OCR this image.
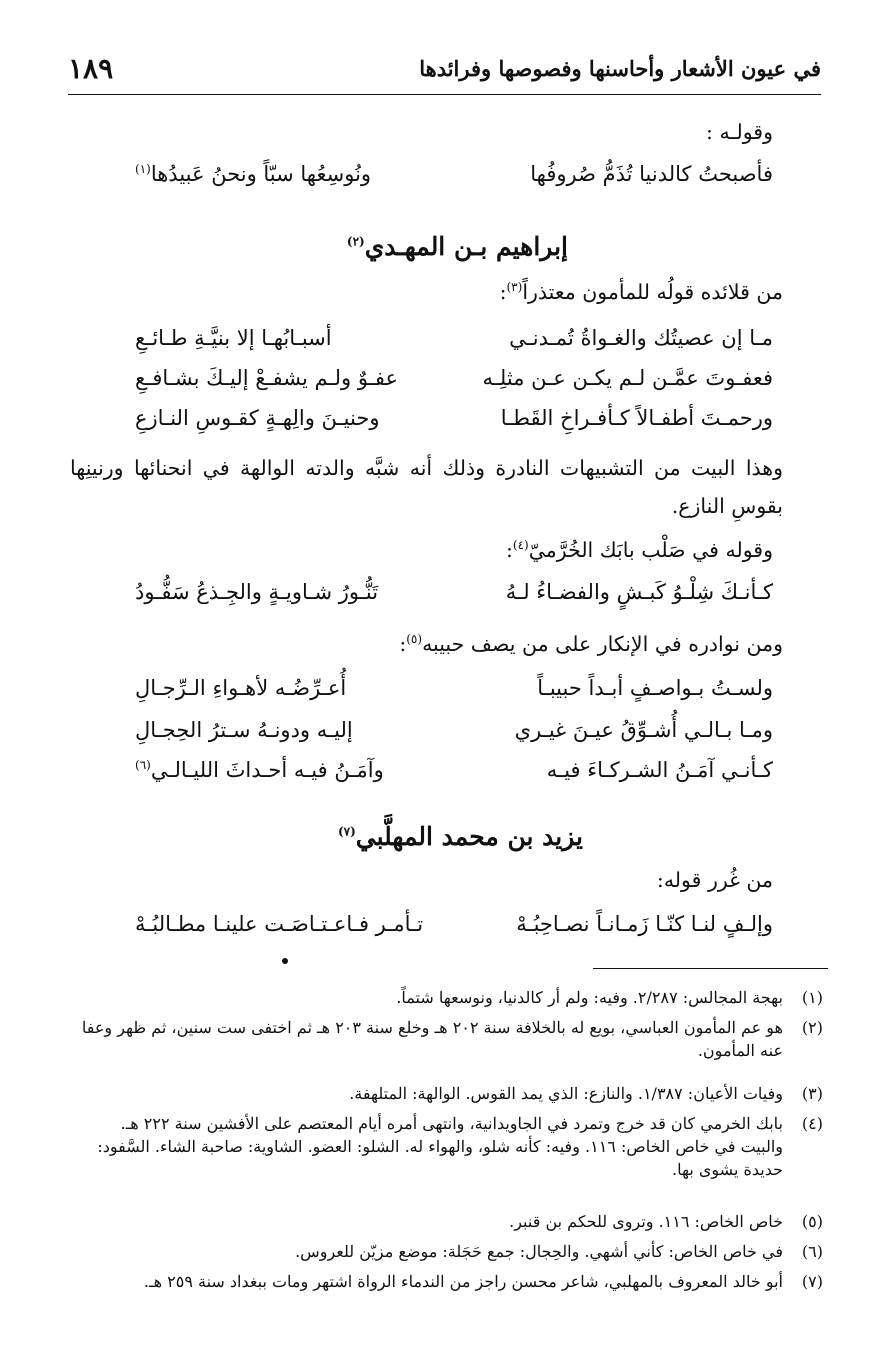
في عيون الأشعار وأحاسنها وفصوصها وفرائدها
١٨٩
وقولـه :
فأصبحتُ كالدنيا تُذَمُّ صُروفُها
ونُوسِعُها سبّاً ونحنُ عَبيدُها$^{(١)}$
إبراهيم بـن المهـدي$^{(٢)}$
من قلائده قولُه للمأمون معتذراً$^{(٣)}$:
مـا إن عصيتُك والغـواةُ تُمـدنـي
أسبـابُهـا إلا بنيَّـةِ طـائـعِ
فعفـوتَ عمَّـن لـم يكـن عـن مثلِـه
عفـوٌ ولـم يشفـعْ إليـكَ بشـافـعِ
ورحمـتَ أطفـالاً كـأفـراخِ القَطـا
وحنيـنَ والِهـةٍ كقـوسِ النـازعِ
وهذا البيت من التشبيهات النادرة وذلك أنه شبَّه والدته الوالهة في انحنائها ورنينِها
بقوسِ النازع.
وقوله في صَلْب بابَك الخُرَّميّ$^{(٤)}$:
كـأنـكَ شِلْـوُ كَبـشٍ والفضـاءُ لـهُ
تَنُّـورُ شـاويـةٍ والجِـذعُ سَفُّـودُ
ومن نوادره في الإنكار على من يصف حبيبه$^{(٥)}$:
ولسـتُ بـواصـفٍ أبـداً حبيبـاً
أُعـرِّضُـه لأهـواءِ الـرِّجـالِ
ومـا بـالـي أُشـوِّقُ عيـنَ غيـري
إليـه ودونـهُ سـترُ الحِجـالِ
كـأنـي آمَـنُ الشـركـاءَ فيـه
وآمَـنُ فيـه أحـداثَ الليـالـي$^{(٦)}$
يزيد بن محمد المهلَّبي$^{(٧)}$
من غُرر قوله:
وإلـفٍ لنـا كنّـا زَمـانـاً نصـاحِبُـهْ
تـأمـر فـاعـتـاصَـت علينـا مطـالبُـهْ
(١)
بهجة المجالس: ٢/٢٨٧. وفيه: ولم أر كالدنيا، ونوسعها شتماً.
(٢)
هو عم المأمون العباسي، بويع له بالخلافة سنة ٢٠٢ هـ وخلع سنة ٢٠٣ هـ ثم اختفى ست سنين، ثم ظهر وعفا عنه المأمون.
(٣)
وفيات الأعيان: ١/٣٨٧. والنازع: الذي يمد القوس. الوالهة: المتلهفة.
(٤)
بابك الخرمي كان قد خرج وتمرد في الجاويدانية، وانتهى أمره أيام المعتصم على الأفشين سنة ٢٢٢ هـ. والبيت في خاص الخاص: ١١٦. وفيه: كأنه شلو، والهواء له. الشلو: العضو. الشاوية: صاحبة الشاء. السَّفود: حديدة يشوى بها.
(٥)
خاص الخاص: ١١٦. وتروى للحكم بن قنبر.
(٦)
في خاص الخاص: كأني أشهي. والحِجال: جمع حَجَلة: موضع مزيّن للعروس.
(٧)
أبو خالد المعروف بالمهلبي، شاعر محسن راجز من الندماء الرواة اشتهر ومات ببغداد سنة ٢٥٩ هـ.
